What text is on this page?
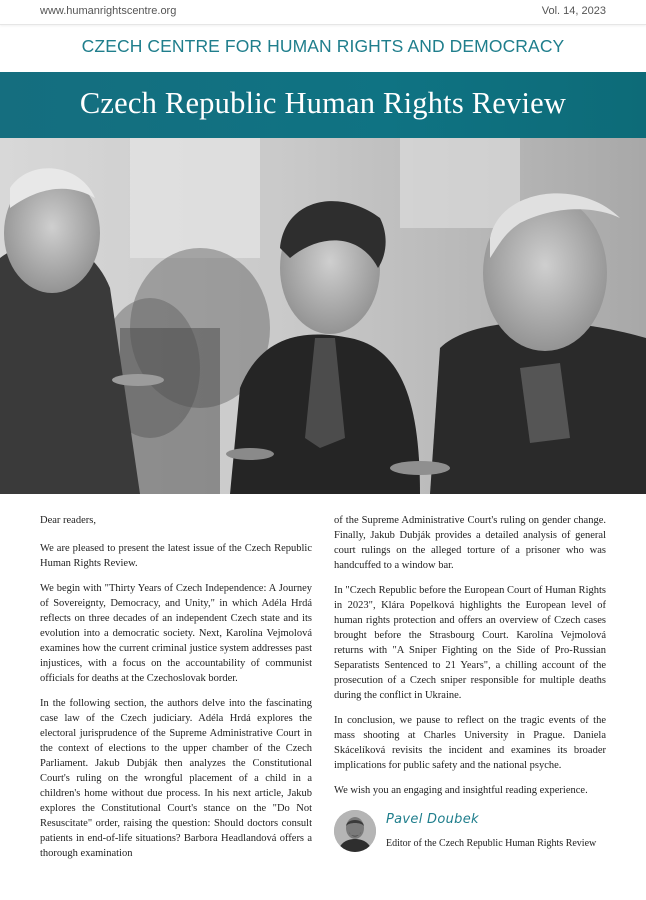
www.humanrightscentre.org	Vol. 14, 2023
CZECH CENTRE FOR HUMAN RIGHTS AND DEMOCRACY
Czech Republic Human Rights Review

Dear readers,

We are pleased to present the latest issue of the Czech Republic Human Rights Review.

We begin with "Thirty Years of Czech Independence: A Journey of Sovereignty, Democracy, and Unity," in which Adéla Hrdá reflects on three decades of an independent Czech state and its evolution into a democratic society. Next, Karolína Vejmolová examines how the current criminal justice system addresses past injustices, with a focus on the accountability of communist officials for deaths at the Czechoslovak border.

In the following section, the authors delve into the fascinating case law of the Czech judiciary. Adéla Hrdá explores the electoral jurisprudence of the Supreme Administrative Court in the context of elections to the upper chamber of the Czech Parliament. Jakub Dubják then analyzes the Constitutional Court's ruling on the wrongful placement of a child in a children's home without due process. In his next article, Jakub explores the Constitutional Court's stance on the "Do Not Resuscitate" order, raising the question: Should doctors consult patients in end-of-life situations? Barbora Headlandová offers a thorough examination

of the Supreme Administrative Court's ruling on gender change. Finally, Jakub Dubják provides a detailed analysis of general court rulings on the alleged torture of a prisoner who was handcuffed to a window bar.

In "Czech Republic before the European Court of Human Rights in 2023", Klára Popelková highlights the European level of human rights protection and offers an overview of Czech cases brought before the Strasbourg Court. Karolína Vejmolová returns with "A Sniper Fighting on the Side of Pro-Russian Separatists Sentenced to 21 Years", a chilling account of the prosecution of a Czech sniper responsible for multiple deaths during the conflict in Ukraine.

In conclusion, we pause to reflect on the tragic events of the mass shooting at Charles University in Prague. Daniela Skácelíková revisits the incident and examines its broader implications for public safety and the national psyche.

We wish you an engaging and insightful reading experience.

Pavel Doubek
Editor of the Czech Republic Human Rights Review
